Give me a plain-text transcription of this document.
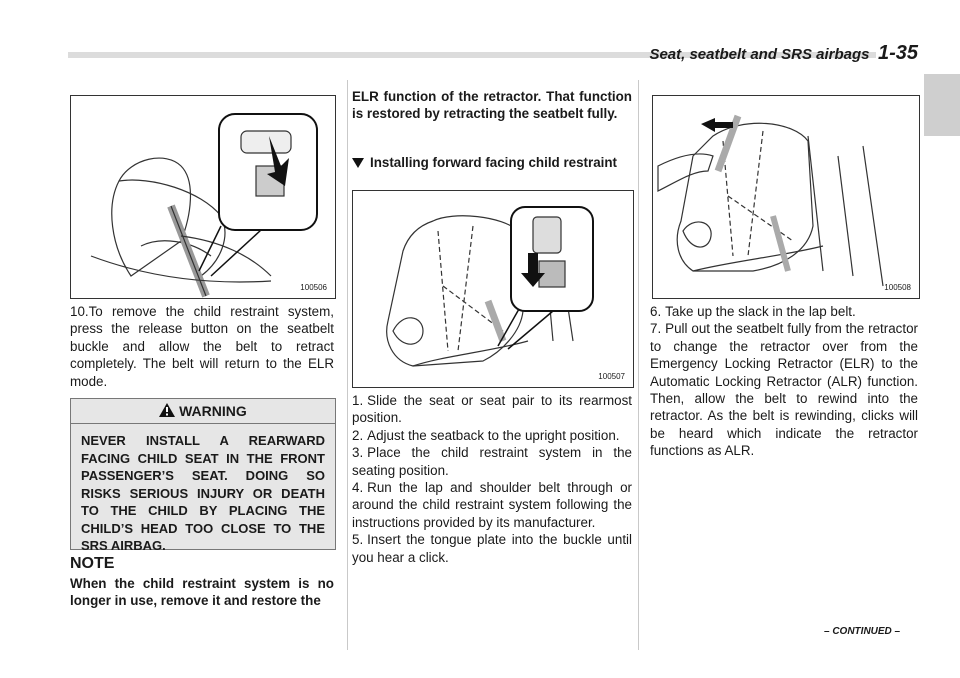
Seat, seatbelt and SRS airbags 1-35
100506

10.To remove the child restraint system, press the release button on the seatbelt buckle and allow the belt to retract completely. The belt will return to the ELR mode.

WARNING

NEVER INSTALL A REARWARD FACING CHILD SEAT IN THE FRONT PASSENGER’S SEAT. DOING SO RISKS SERIOUS INJURY OR DEATH TO THE CHILD BY PLACING THE CHILD’S HEAD TOO CLOSE TO THE SRS AIRBAG.

NOTE

When the child restraint system is no longer in use, remove it and restore the

ELR function of the retractor. That function is restored by retracting the seatbelt fully.

Installing forward facing child restraint
100507
1. Slide the seat or seat pair to its rearmost position.
2. Adjust the seatback to the upright position.
3. Place the child restraint system in the seating position.
4. Run the lap and shoulder belt through or around the child restraint system following the instructions provided by its manufacturer.
5. Insert the tongue plate into the buckle until you hear a click.
100508
6. Take up the slack in the lap belt.
7. Pull out the seatbelt fully from the retractor to change the retractor over from the Emergency Locking Retractor (ELR) to the Automatic Locking Retractor (ALR) function. Then, allow the belt to rewind into the retractor. As the belt is rewinding, clicks will be heard which indicate the retractor functions as ALR.
– CONTINUED –
